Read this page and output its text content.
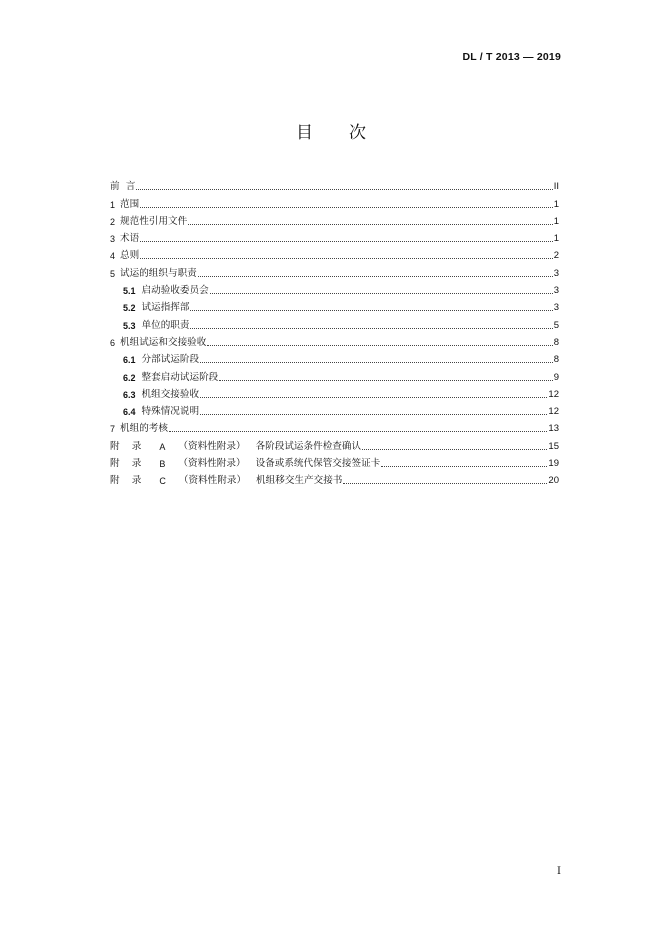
DL / T 2013 — 2019
目 次
前  言	II
1 范围	1
2 规范性引用文件	1
3 术语	1
4 总则	2
5 试运的组织与职责	3
5.1 启动验收委员会	3
5.2 试运指挥部	3
5.3 单位的职责	5
6 机组试运和交接验收	8
6.1 分部试运阶段	8
6.2 整套启动试运阶段	9
6.3 机组交接验收	12
6.4 特殊情况说明	12
7 机组的考核	13
附    录 A （资料性附录） 各阶段试运条件检查确认	15
附    录 B （资料性附录） 设备或系统代保管交接签证卡	19
附    录 C （资料性附录） 机组移交生产交接书	20
I
